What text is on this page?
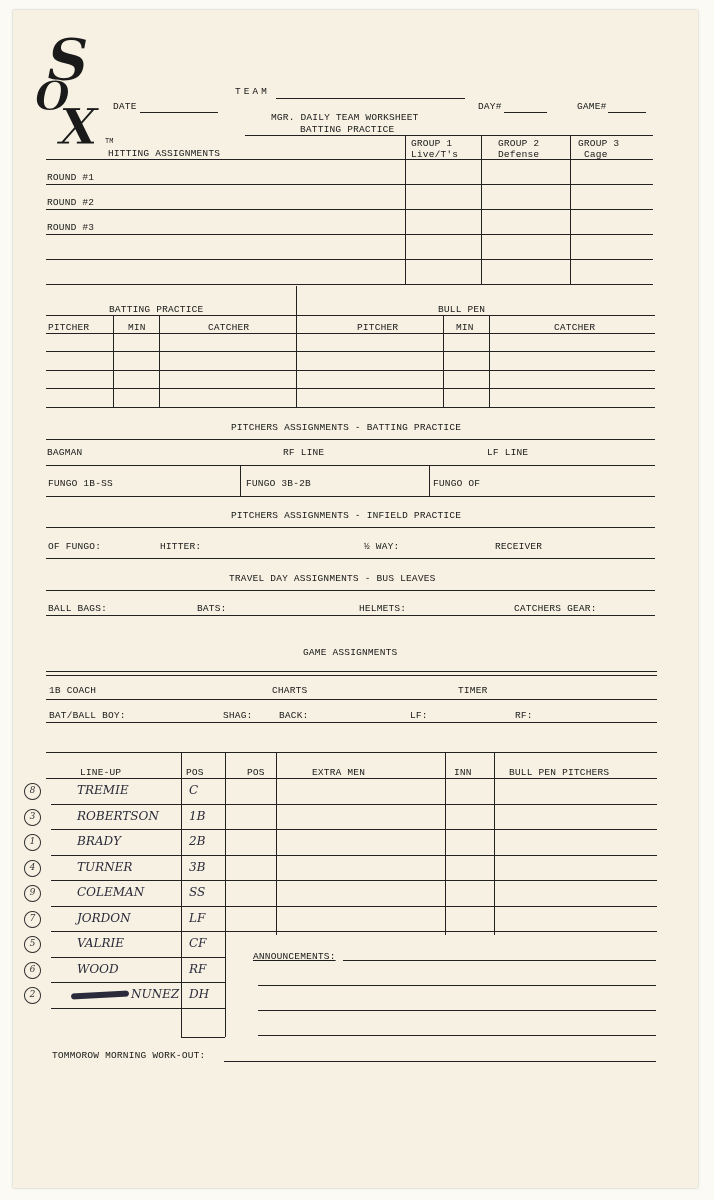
S
O
X	TM
TEAM
DATE	DAY#	GAME#
MGR. DAILY TEAM WORKSHEET
BATTING PRACTICE
HITTING ASSIGNMENTS
GROUP 1
Live/T's
GROUP 2
Defense
GROUP 3
Cage
ROUND #1
ROUND #2
ROUND #3
BATTING PRACTICE	BULL PEN
PITCHER	MIN	CATCHER	PITCHER	MIN	CATCHER
PITCHERS ASSIGNMENTS - BATTING PRACTICE
BAGMAN	RF LINE	LF LINE
FUNGO 1B-SS	FUNGO 3B-2B	FUNGO OF
PITCHERS ASSIGNMENTS - INFIELD PRACTICE
OF FUNGO:	HITTER:	½ WAY:	RECEIVER
TRAVEL DAY ASSIGNMENTS - BUS LEAVES
BALL BAGS:	BATS:	HELMETS:	CATCHERS GEAR:
GAME ASSIGNMENTS
1B COACH	CHARTS	TIMER
BAT/BALL BOY:	SHAG:	BACK:	LF:	RF:
LINE-UP	POS	POS	EXTRA MEN	INN	BULL PEN PITCHERS
8	TREMIE	C
3	ROBERTSON	1B
1	BRADY	2B
4	TURNER	3B
9	COLEMAN	SS
7	JORDON	LF
5	VALRIE	CF
6	WOOD	RF
2	NUNEZ DH
ANNOUNCEMENTS:
TOMMOROW MORNING WORK-OUT:
